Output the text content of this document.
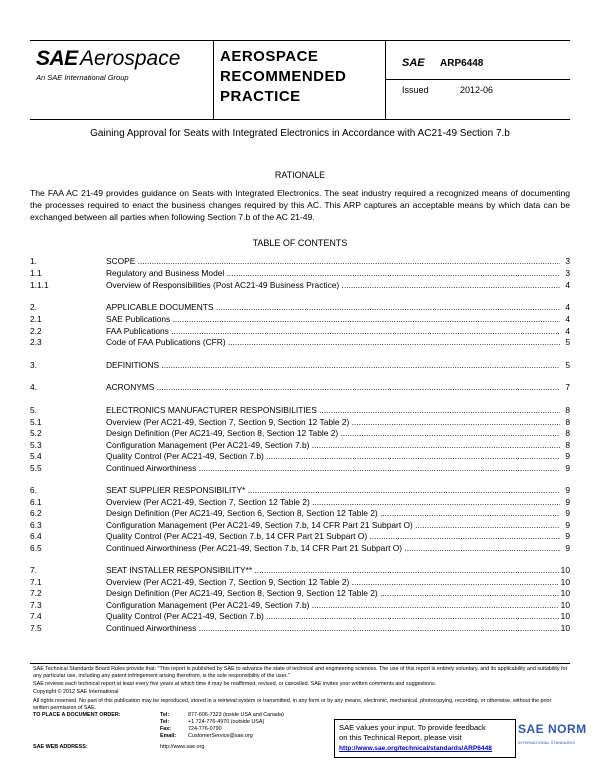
SAE Aerospace
An SAE International Group
AEROSPACE RECOMMENDED PRACTICE
SAE ARP6448
Issued	2012-06
Gaining Approval for Seats with Integrated Electronics in Accordance with AC21-49 Section 7.b
RATIONALE
The FAA AC 21-49 provides guidance on Seats with Integrated Electronics. The seat industry required a recognized means of documenting the processes required to enact the business changes required by this AC. This ARP captures an acceptable means by which data can be exchanged between all parties when following Section 7.b of the AC 21-49.
TABLE OF CONTENTS
1.	SCOPE .....	3
1.1	Regulatory and Business Model .....	3
1.1.1	Overview of Responsibilities (Post AC21-49 Business Practice) .....	4
2.	APPLICABLE DOCUMENTS .....	4
2.1	SAE Publications .....	4
2.2	FAA Publications .....	4
2.3	Code of FAA Publications (CFR) .....	5
3.	DEFINITIONS .....	5
4.	ACRONYMS .....	7
5.	ELECTRONICS MANUFACTURER RESPONSIBILITIES .....	8
5.1	Overview (Per AC21-49, Section 7, Section 9, Section 12 Table 2) .....	8
5.2	Design Definition (Per AC21-49, Section 8, Section 12 Table 2) .....	8
5.3	Configuration Management (Per AC21-49, Section 7.b) .....	8
5.4	Quality Control (Per AC21-49, Section 7.b) .....	9
5.5	Continued Airworthiness .....	9
6.	SEAT SUPPLIER RESPONSIBILITY* .....	9
6.1	Overview (Per AC21-49, Section 7, Section 12 Table 2) .....	9
6.2	Design Definition (Per AC21-49, Section 6, Section 8, Section 12 Table 2) .....	9
6.3	Configuration Management (Per AC21-49, Section 7.b, 14 CFR Part 21 Subpart O) .....	9
6.4	Quality Control (Per AC21-49, Section 7.b, 14 CFR Part 21 Subpart O) .....	9
6.5	Continued Airworthiness (Per AC21-49, Section 7.b, 14 CFR Part 21 Subpart O) .....	9
7.	SEAT INSTALLER RESPONSIBILITY** .....	10
7.1	Overview (Per AC21-49, Section 7, Section 9, Section 12 Table 2) .....	10
7.2	Design Definition (Per AC21-49, Section 8, Section 9, Section 12 Table 2) .....	10
7.3	Configuration Management (Per AC21-49, Section 7.b) .....	10
7.4	Quality Control (Per AC21-49, Section 7.b) .....	10
7.5	Continued Airworthiness .....	10
SAE Technical Standards Board Rules provide that: "This report is published by SAE to advance the state of technical and engineering sciences. The use of this report is entirely voluntary, and its applicability and suitability for any particular use, including any patent infringement arising therefrom, is the sole responsibility of the user."
SAE reviews each technical report at least every five years at which time it may be reaffirmed, revised, or cancelled. SAE invites your written comments and suggestions.
Copyright © 2012 SAE International
All rights reserved. No part of this publication may be reproduced, stored in a retrieval system or transmitted, in any form or by any means, electronic, mechanical, photocopying, recording, or otherwise, without the prior written permission of SAE.
TO PLACE A DOCUMENT ORDER:	Tel:	877-606-7323 (inside USA and Canada)
Tel:	+1 724-776-4970 (outside USA)
Fax:	724-776-0790
Email: CustomerService@sae.org
SAE WEB ADDRESS:	http://www.sae.org
SAE values your input. To provide feedback
on this Technical Report, please visit
http://www.sae.org/technical/standards/ARP6448
SAE NORM
INTERNATIONAL STANDARDS
